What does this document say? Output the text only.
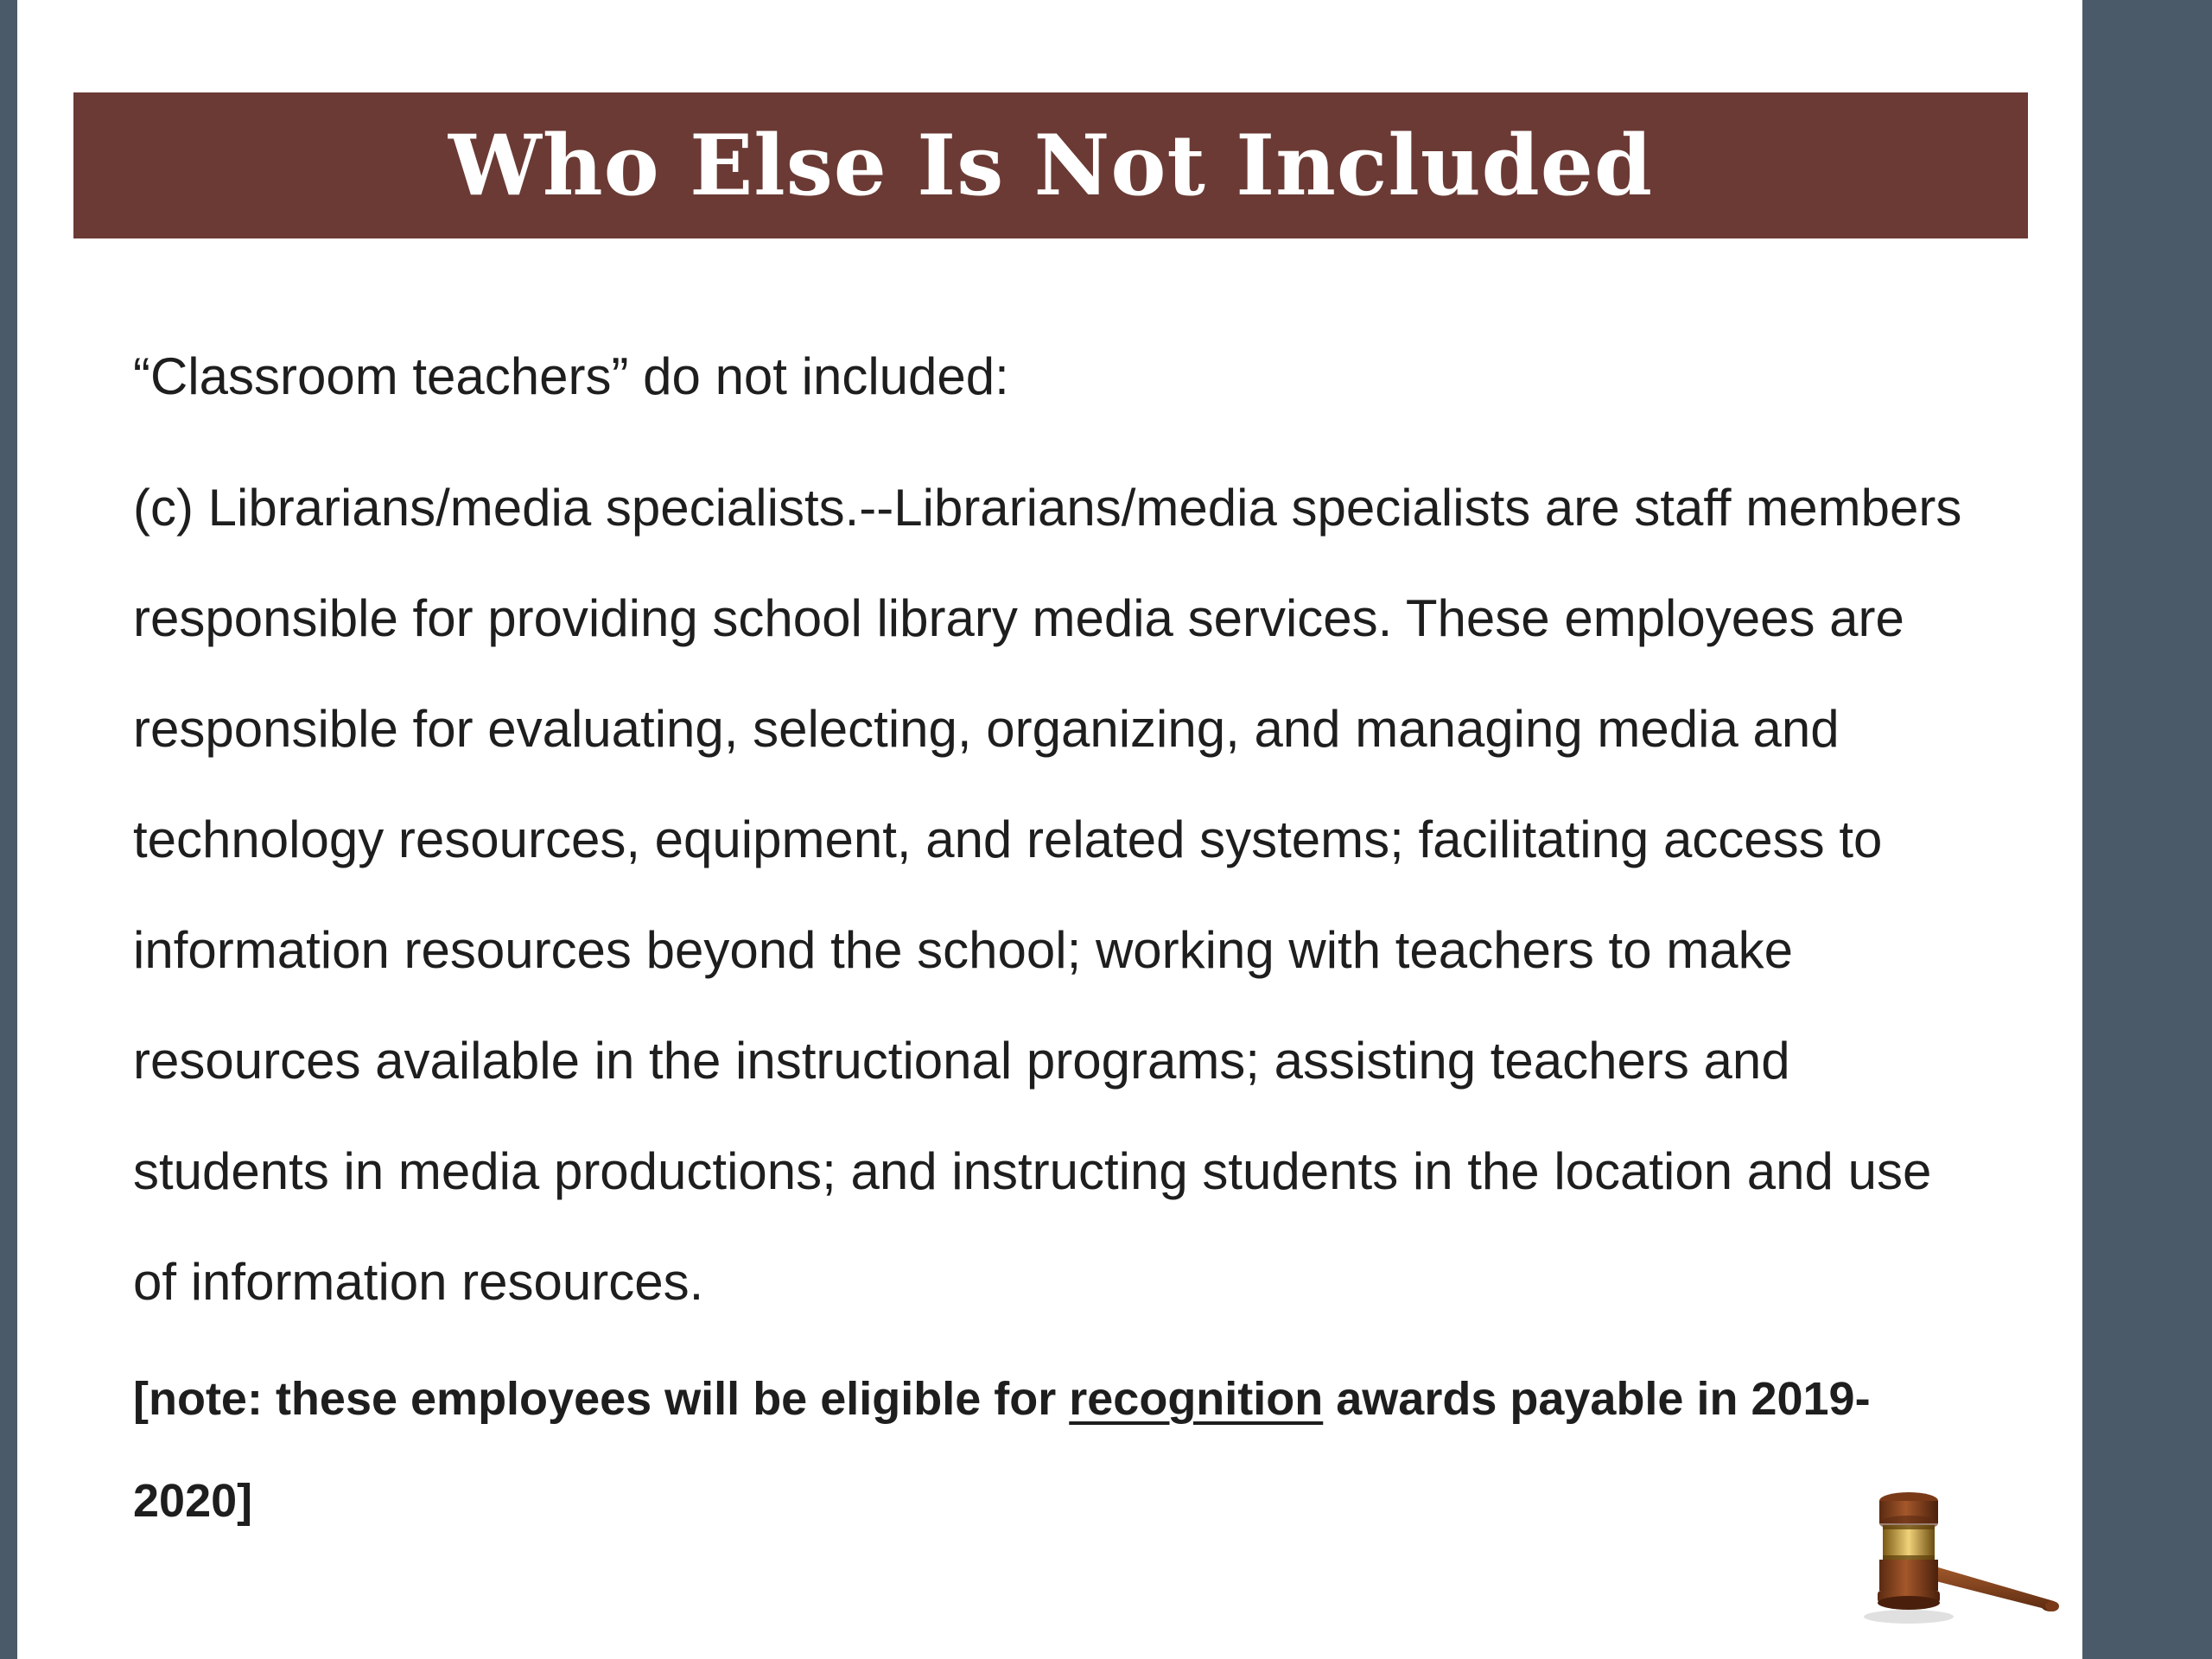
Who Else Is Not Included

“Classroom teachers” do not included:

(c) Librarians/media specialists.--Librarians/media specialists are staff members responsible for providing school library media services. These employees are responsible for evaluating, selecting, organizing, and managing media and technology resources, equipment, and related systems; facilitating access to information resources beyond the school; working with teachers to make resources available in the instructional programs; assisting teachers and students in media productions; and instructing students in the location and use of information resources.

[note: these employees will be eligible for recognition awards payable in 2019-2020]
